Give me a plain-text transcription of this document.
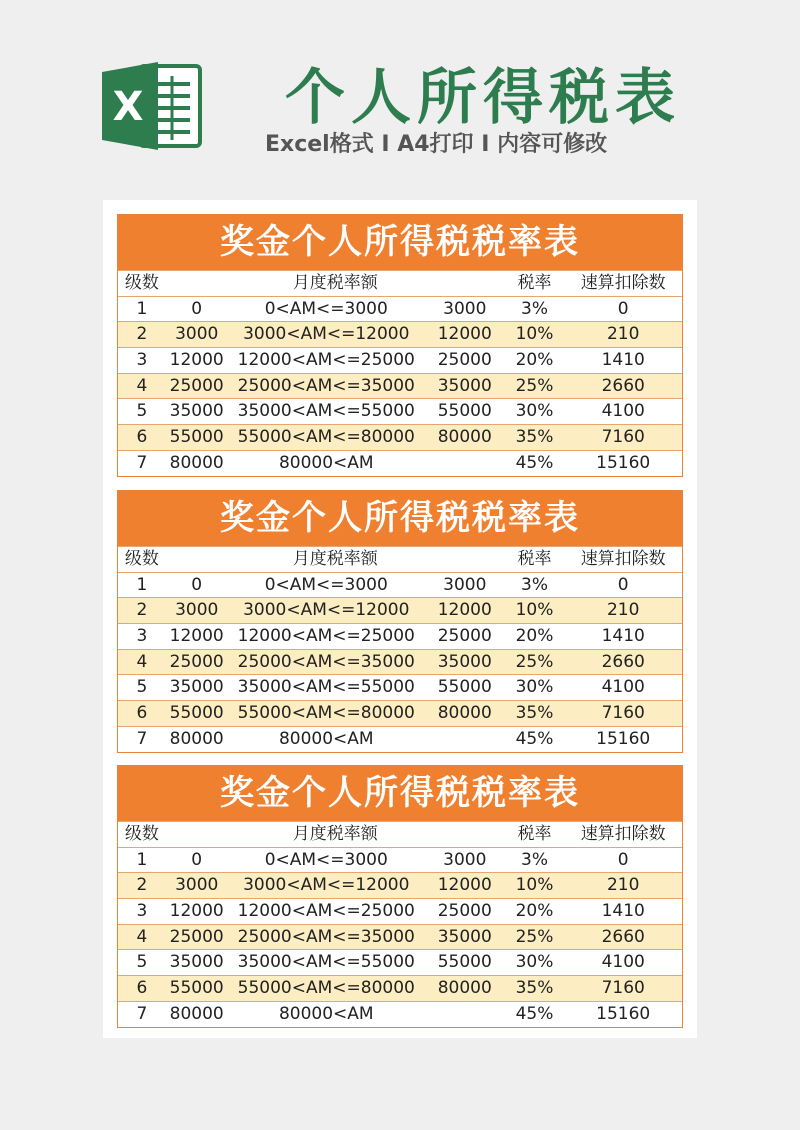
X 个人所得税表
Excel格式 I A4打印 I 内容可修改
奖金个人所得税税率表
级数	月度税率额	税率	速算扣除数
1	0	0<AM<=3000	3000	3%	0
2	3000	3000<AM<=12000	12000	10%	210
3	12000 12000<AM<=25000	25000	20%	1410
4	25000 25000<AM<=35000	35000	25%	2660
5	35000 35000<AM<=55000	55000	30%	4100
6	55000 55000<AM<=80000	80000	35%	7160
7	80000	80000<AM	45%	15160
奖金个人所得税税率表
级数	月度税率额	税率	速算扣除数
1	0	0<AM<=3000	3000	3%	0
2	3000	3000<AM<=12000	12000	10%	210
3	12000 12000<AM<=25000	25000	20%	1410
4	25000 25000<AM<=35000	35000	25%	2660
5	35000 35000<AM<=55000	55000	30%	4100
6	55000 55000<AM<=80000	80000	35%	7160
7	80000	80000<AM	45%	15160
奖金个人所得税税率表
级数	月度税率额	税率	速算扣除数
1	0	0<AM<=3000	3000	3%	0
2	3000	3000<AM<=12000	12000	10%	210
3	12000 12000<AM<=25000	25000	20%	1410
4	25000 25000<AM<=35000	35000	25%	2660
5	35000 35000<AM<=55000	55000	30%	4100
6	55000 55000<AM<=80000	80000	35%	7160
7	80000	80000<AM	45%	15160
